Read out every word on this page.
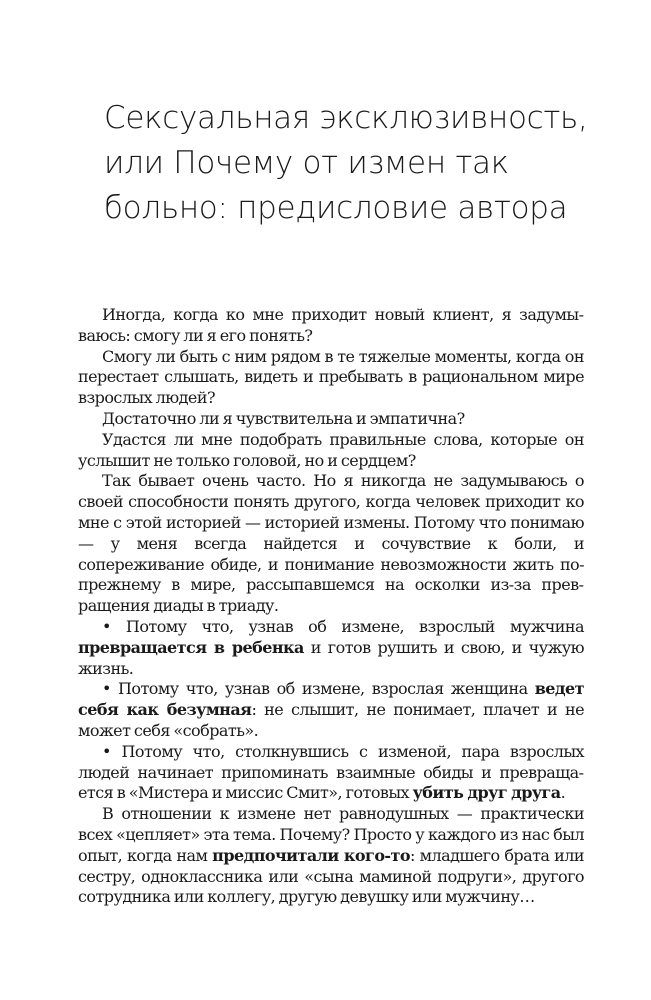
Сексуальная эксклюзивность,
или Почему от измен так
больно: предисловие автора

Иногда, когда ко мне приходит новый клиент, я задумываюсь: смогу ли я его понять?

Смогу ли быть с ним рядом в те тяжелые моменты, когда он перестает слышать, видеть и пребывать в рациональном мире взрослых людей?

Достаточно ли я чувствительна и эмпатична?

Удастся ли мне подобрать правильные слова, которые он услышит не только головой, но и сердцем?

Так бывает очень часто. Но я никогда не задумываюсь о своей способности понять другого, когда человек приходит ко мне с этой историей — историей измены. Потому что понимаю — у меня всегда найдется и сочувствие к боли, и сопереживание обиде, и понимание невозможности жить по-прежнему в мире, рассыпавшемся на осколки из-за превращения диады в триаду.

• Потому что, узнав об измене, взрослый мужчина превращается в ребенка и готов рушить и свою, и чужую жизнь.

• Потому что, узнав об измене, взрослая женщина ведет себя как безумная: не слышит, не понимает, плачет и не может себя «собрать».

• Потому что, столкнувшись с изменой, пара взрослых людей начинает припоминать взаимные обиды и превращается в «Мистера и миссис Смит», готовых убить друг друга.

В отношении к измене нет равнодушных — практически всех «цепляет» эта тема. Почему? Просто у каждого из нас был опыт, когда нам предпочитали кого-то: младшего брата или сестру, одноклассника или «сына маминой подруги», другого сотрудника или коллегу, другую девушку или мужчину…
